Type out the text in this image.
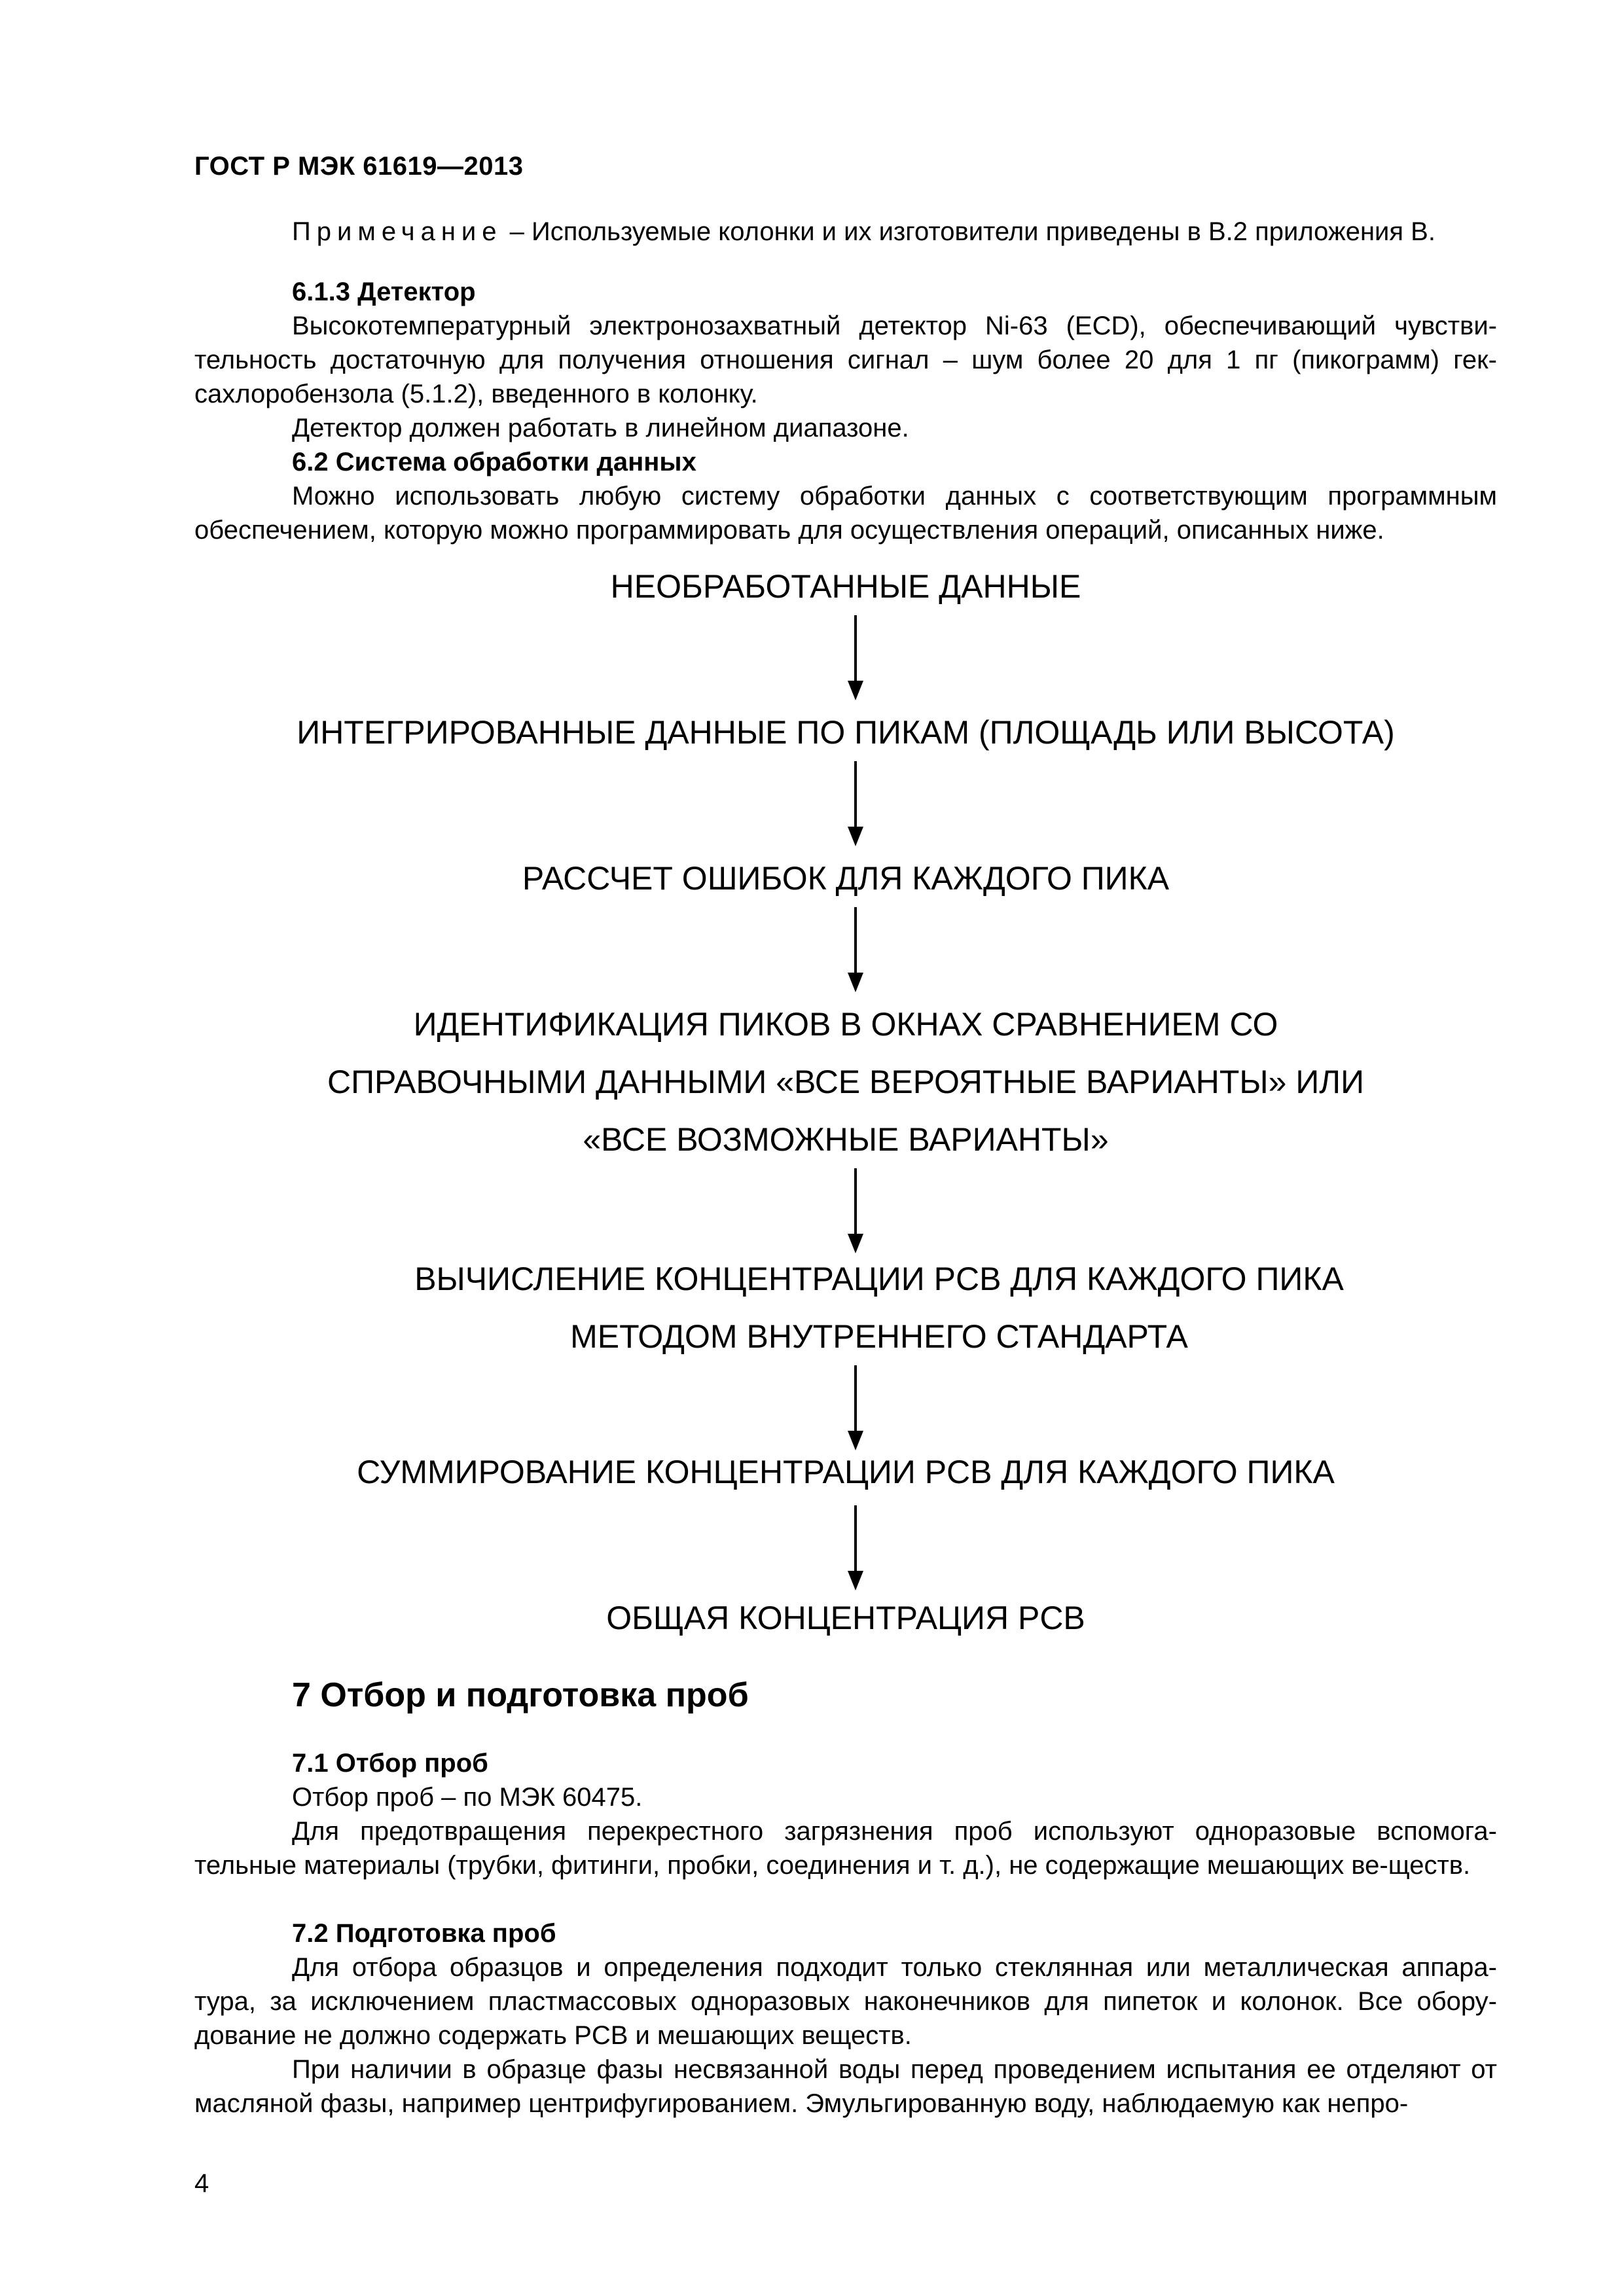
ГОСТ Р МЭК 61619—2013
Примечание – Используемые колонки и их изготовители приведены в В.2 приложения В.
6.1.3 Детектор
Высокотемпературный электронозахватный детектор Ni-63 (ECD), обеспечивающий чувстви-тельность достаточную для получения отношения сигнал – шум более 20 для 1 пг (пикограмм) гек-сахлоробензола (5.1.2), введенного в колонку.
Детектор должен работать в линейном диапазоне.
6.2 Система обработки данных
Можно использовать любую систему обработки данных с соответствующим программным обеспечением, которую можно программировать для осуществления операций, описанных ниже.
НЕОБРАБОТАННЫЕ ДАННЫЕ
ИНТЕГРИРОВАННЫЕ ДАННЫЕ ПО ПИКАМ (ПЛОЩАДЬ ИЛИ ВЫСОТА)
РАССЧЕТ ОШИБОК ДЛЯ КАЖДОГО ПИКА
ИДЕНТИФИКАЦИЯ ПИКОВ В ОКНАХ СРАВНЕНИЕМ СО
СПРАВОЧНЫМИ ДАННЫМИ «ВСЕ ВЕРОЯТНЫЕ ВАРИАНТЫ» ИЛИ
«ВСЕ ВОЗМОЖНЫЕ ВАРИАНТЫ»
ВЫЧИСЛЕНИЕ КОНЦЕНТРАЦИИ PCB ДЛЯ КАЖДОГО ПИКА
МЕТОДОМ ВНУТРЕННЕГО СТАНДАРТА
СУММИРОВАНИЕ КОНЦЕНТРАЦИИ PCB ДЛЯ КАЖДОГО ПИКА
ОБЩАЯ КОНЦЕНТРАЦИЯ PCB
7 Отбор и подготовка проб
7.1 Отбор проб
Отбор проб – по МЭК 60475.
Для предотвращения перекрестного загрязнения проб используют одноразовые вспомога-тельные материалы (трубки, фитинги, пробки, соединения и т. д.), не содержащие мешающих ве-ществ.
7.2 Подготовка проб
Для отбора образцов и определения подходит только стеклянная или металлическая аппара-тура, за исключением пластмассовых одноразовых наконечников для пипеток и колонок. Все обору-дование не должно содержать PCB и мешающих веществ.
При наличии в образце фазы несвязанной воды перед проведением испытания ее отделяют от масляной фазы, например центрифугированием. Эмульгированную воду, наблюдаемую как непро-
4
